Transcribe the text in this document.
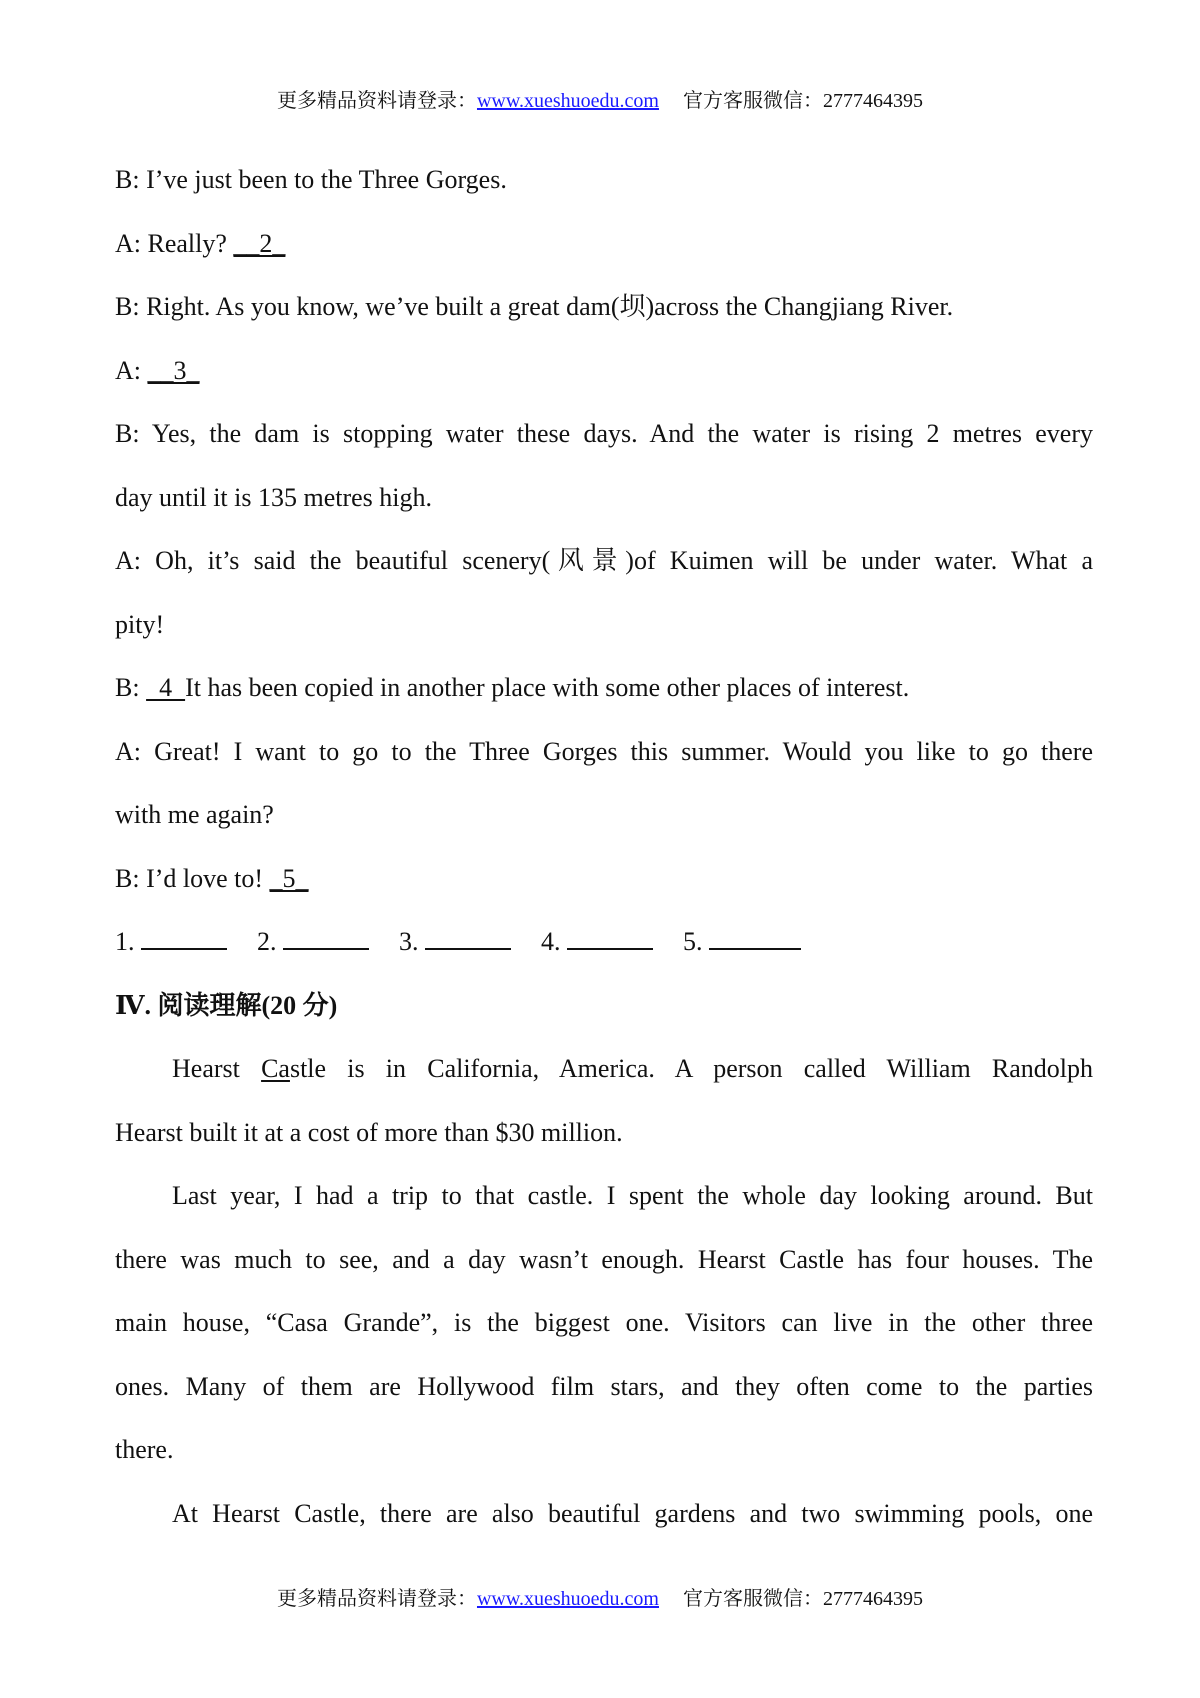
更多精品资料请登录：www.xueshuoedu.com 官方客服微信：2777464395
B: I’ve just been to the Three Gorges.
A: Really? __2_
B: Right. As you know, we’ve built a great dam(坝)across the Changjiang River.
A: __3_
B: Yes, the dam is stopping water these days. And the water is rising 2 metres every
day until it is 135 metres high.
A: Oh, it’s said the beautiful scenery(风景)of Kuimen will be under water. What a
pity!
B:   4  It has been copied in another place with some other places of interest.
A: Great! I want to go to the Three Gorges this summer. Would you like to go there
with me again?
B: I’d love to! _5_
1.	2.	3.	4.	5.
Ⅳ. 阅读理解(20 分)
Hearst Castle is in California, America. A person called William Randolph
Hearst built it at a cost of more than $30 million.
Last year, I had a trip to that castle. I spent the whole day looking around. But
there was much to see, and a day wasn’t enough. Hearst Castle has four houses. The
main house, “Casa Grande”, is the biggest one. Visitors can live in the other three
ones. Many of them are Hollywood film stars, and they often come to the parties
there.
At Hearst Castle, there are also beautiful gardens and two swimming pools, one
更多精品资料请登录：www.xueshuoedu.com 官方客服微信：2777464395
